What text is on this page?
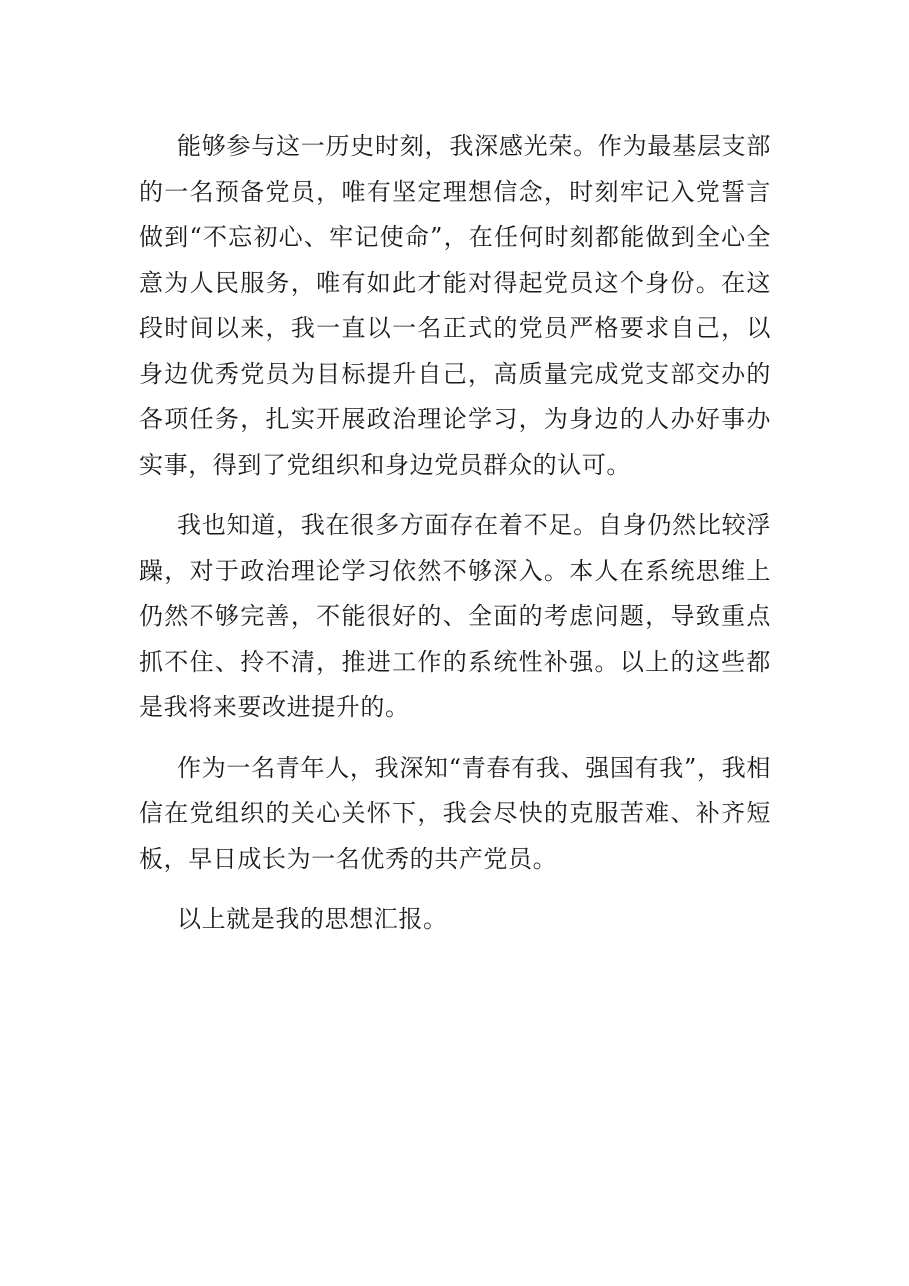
能够参与这一历史时刻，我深感光荣。作为最基层支部的一名预备党员，唯有坚定理想信念，时刻牢记入党誓言做到“不忘初心、牢记使命”，在任何时刻都能做到全心全意为人民服务，唯有如此才能对得起党员这个身份。在这段时间以来，我一直以一名正式的党员严格要求自己，以身边优秀党员为目标提升自己，高质量完成党支部交办的各项任务，扎实开展政治理论学习，为身边的人办好事办实事，得到了党组织和身边党员群众的认可。

我也知道，我在很多方面存在着不足。自身仍然比较浮躁，对于政治理论学习依然不够深入。本人在系统思维上仍然不够完善，不能很好的、全面的考虑问题，导致重点抓不住、拎不清，推进工作的系统性补强。以上的这些都是我将来要改进提升的。

作为一名青年人，我深知“青春有我、强国有我”，我相信在党组织的关心关怀下，我会尽快的克服苦难、补齐短板，早日成长为一名优秀的共产党员。

以上就是我的思想汇报。
